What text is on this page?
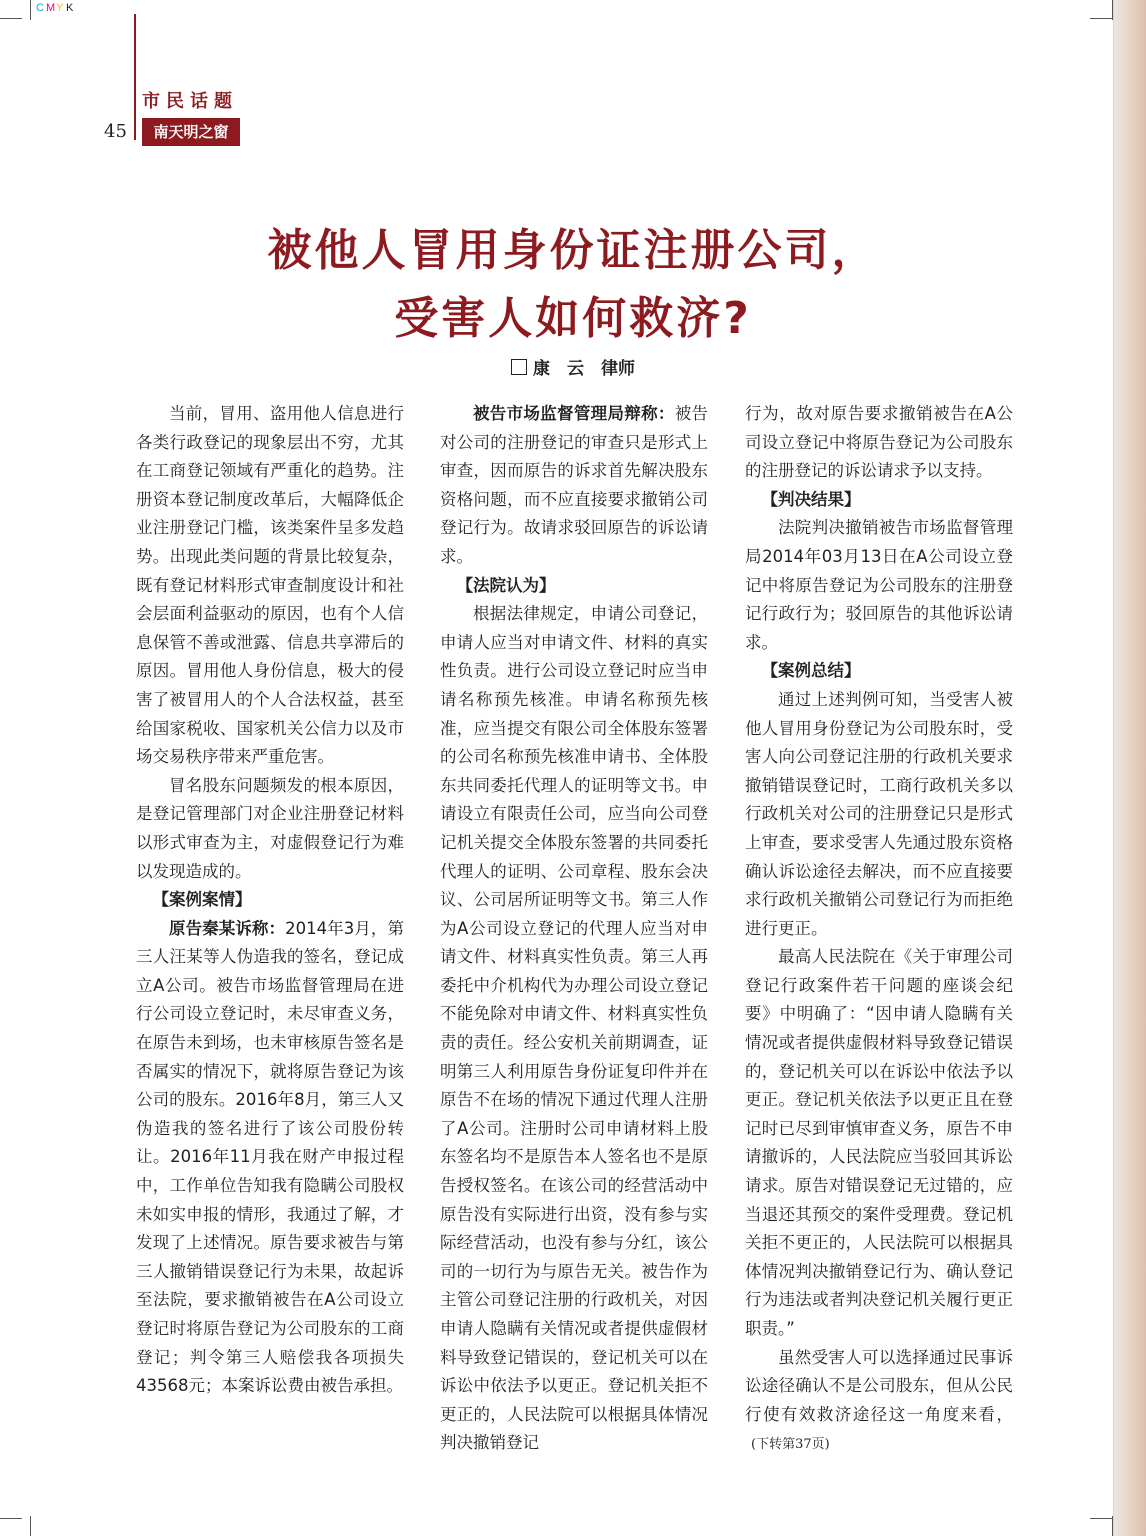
CMY K
市民话题
45	南天明之窗
被他人冒用身份证注册公司，
受害人如何救济?
康　云　律师

当前，冒用、盗用他人信息进行各类行政登记的现象层出不穷，尤其在工商登记领域有严重化的趋势。注册资本登记制度改革后，大幅降低企业注册登记门槛，该类案件呈多发趋势。出现此类问题的背景比较复杂，既有登记材料形式审查制度设计和社会层面利益驱动的原因，也有个人信息保管不善或泄露、信息共享滞后的原因。冒用他人身份信息，极大的侵害了被冒用人的个人合法权益，甚至给国家税收、国家机关公信力以及市场交易秩序带来严重危害。

冒名股东问题频发的根本原因，是登记管理部门对企业注册登记材料以形式审查为主，对虚假登记行为难以发现造成的。

【案例案情】

原告秦某诉称：2014年3月，第三人汪某等人伪造我的签名，登记成立A公司。被告市场监督管理局在进行公司设立登记时，未尽审查义务，在原告未到场，也未审核原告签名是否属实的情况下，就将原告登记为该公司的股东。2016年8月，第三人又伪造我的签名进行了该公司股份转让。2016年11月我在财产申报过程中，工作单位告知我有隐瞒公司股权未如实申报的情形，我通过了解，才发现了上述情况。原告要求被告与第三人撤销错误登记行为未果，故起诉至法院，要求撤销被告在A公司设立登记时将原告登记为公司股东的工商登记；判令第三人赔偿我各项损失43568元；本案诉讼费由被告承担。

被告市场监督管理局辩称：被告对公司的注册登记的审查只是形式上审查，因而原告的诉求首先解决股东资格问题，而不应直接要求撤销公司登记行为。故请求驳回原告的诉讼请求。

【法院认为】

根据法律规定，申请公司登记，申请人应当对申请文件、材料的真实性负责。进行公司设立登记时应当申请名称预先核准。申请名称预先核准，应当提交有限公司全体股东签署的公司名称预先核准申请书、全体股东共同委托代理人的证明等文书。申请设立有限责任公司，应当向公司登记机关提交全体股东签署的共同委托代理人的证明、公司章程、股东会决议、公司居所证明等文书。第三人作为A公司设立登记的代理人应当对申请文件、材料真实性负责。第三人再委托中介机构代为办理公司设立登记不能免除对申请文件、材料真实性负责的责任。经公安机关前期调查，证明第三人利用原告身份证复印件并在原告不在场的情况下通过代理人注册了A公司。注册时公司申请材料上股东签名均不是原告本人签名也不是原告授权签名。在该公司的经营活动中原告没有实际进行出资，没有参与实际经营活动，也没有参与分红，该公司的一切行为与原告无关。被告作为主管公司登记注册的行政机关，对因申请人隐瞒有关情况或者提供虚假材料导致登记错误的，登记机关可以在诉讼中依法予以更正。登记机关拒不更正的，人民法院可以根据具体情况判决撤销登记

行为，故对原告要求撤销被告在A公司设立登记中将原告登记为公司股东的注册登记的诉讼请求予以支持。

【判决结果】

法院判决撤销被告市场监督管理局2014年03月13日在A公司设立登记中将原告登记为公司股东的注册登记行政行为；驳回原告的其他诉讼请求。

【案例总结】

通过上述判例可知，当受害人被他人冒用身份登记为公司股东时，受害人向公司登记注册的行政机关要求撤销错误登记时，工商行政机关多以行政机关对公司的注册登记只是形式上审查，要求受害人先通过股东资格确认诉讼途径去解决，而不应直接要求行政机关撤销公司登记行为而拒绝进行更正。

最高人民法院在《关于审理公司登记行政案件若干问题的座谈会纪要》中明确了：“因申请人隐瞒有关情况或者提供虚假材料导致登记错误的，登记机关可以在诉讼中依法予以更正。登记机关依法予以更正且在登记时已尽到审慎审查义务，原告不申请撤诉的，人民法院应当驳回其诉讼请求。原告对错误登记无过错的，应当退还其预交的案件受理费。登记机关拒不更正的，人民法院可以根据具体情况判决撤销登记行为、确认登记行为违法或者判决登记机关履行更正职责。”

虽然受害人可以选择通过民事诉讼途径确认不是公司股东，但从公民行使有效救济途径这一角度来看，(下转第37页)
